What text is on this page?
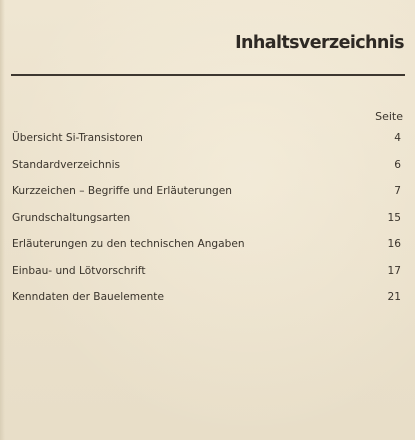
Inhaltsverzeichnis
Seite
Übersicht Si-Transistoren	4
Standardverzeichnis	6
Kurzzeichen – Begriffe und Erläuterungen	7
Grundschaltungsarten	15
Erläuterungen zu den technischen Angaben	16
Einbau- und Lötvorschrift	17
Kenndaten der Bauelemente	21
